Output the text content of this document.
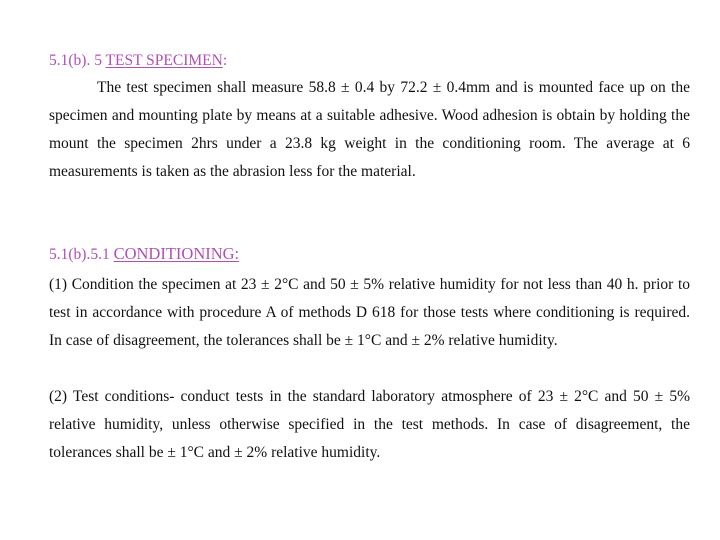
5.1(b). 5 TEST SPECIMEN:

The test specimen shall measure 58.8 ± 0.4 by 72.2 ± 0.4mm and is mounted face up on the specimen and mounting plate by means at a suitable adhesive. Wood adhesion is obtain by holding the mount the specimen 2hrs under a 23.8 kg weight in the conditioning room. The average at 6 measurements is taken as the abrasion less for the material.

5.1(b).5.1 CONDITIONING:

(1) Condition the specimen at 23 ± 2°C and 50 ± 5% relative humidity for not less than 40 h. prior to test in accordance with procedure A of methods D 618 for those tests where conditioning is required. In case of disagreement, the tolerances shall be ± 1°C and ± 2% relative humidity.

(2) Test conditions- conduct tests in the standard laboratory atmosphere of 23 ± 2°C and 50 ± 5% relative humidity, unless otherwise specified in the test methods. In case of disagreement, the tolerances shall be ± 1°C and ± 2% relative humidity.
